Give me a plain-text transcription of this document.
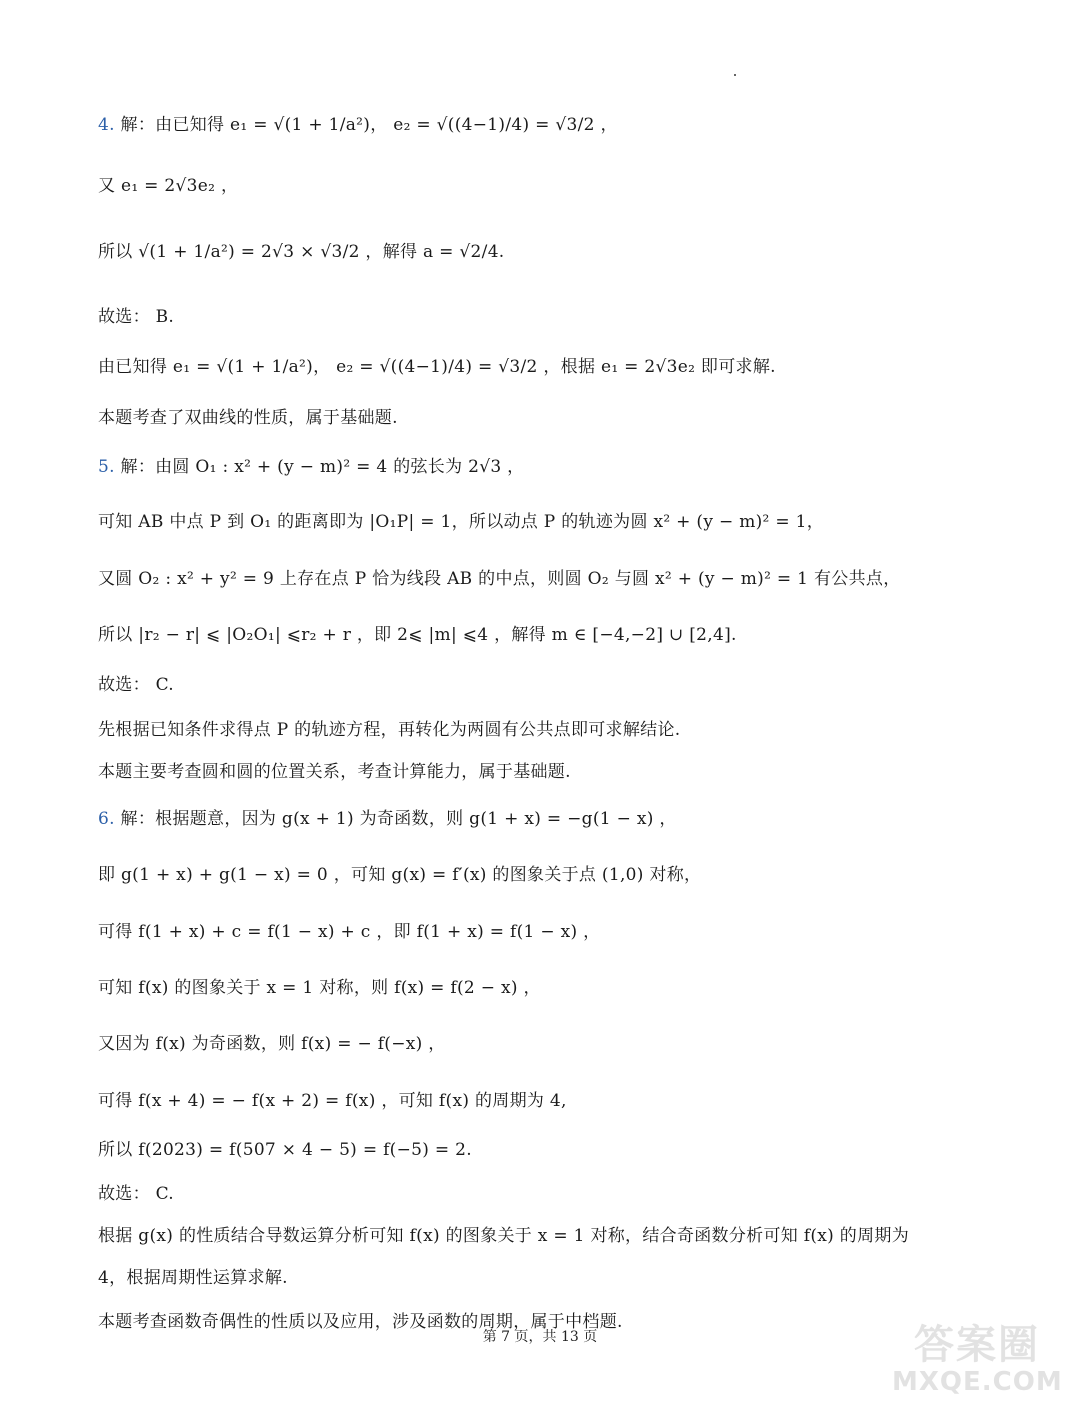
4. 解：由已知得 e₁ = √(1 + 1/a²)， e₂ = √((4−1)/4) = √3/2 ，
又 e₁ = 2√3e₂ ，
所以 √(1 + 1/a²) = 2√3 × √3/2 ，解得 a = √2/4.
故选： B.
由已知得 e₁ = √(1 + 1/a²)， e₂ = √((4−1)/4) = √3/2 ，根据 e₁ = 2√3e₂ 即可求解.
本题考查了双曲线的性质，属于基础题.
5. 解：由圆 O₁ : x² + (y − m)² = 4 的弦长为 2√3 ，
可知 AB 中点 P 到 O₁ 的距离即为 |O₁P| = 1，所以动点 P 的轨迹为圆 x² + (y − m)² = 1，
又圆 O₂ : x² + y² = 9 上存在点 P 恰为线段 AB 的中点，则圆 O₂ 与圆 x² + (y − m)² = 1 有公共点，
所以 |r₂ − r| ⩽ |O₂O₁| ⩽r₂ + r ，即 2⩽ |m| ⩽4 ，解得 m ∈ [−4,−2] ∪ [2,4].
故选： C.
先根据已知条件求得点 P 的轨迹方程，再转化为两圆有公共点即可求解结论.
本题主要考查圆和圆的位置关系，考查计算能力，属于基础题.
6. 解：根据题意，因为 g(x + 1) 为奇函数，则 g(1 + x) = −g(1 − x) ，
即 g(1 + x) + g(1 − x) = 0 ，可知 g(x) = f′(x) 的图象关于点 (1,0) 对称，
可得 f(1 + x) + c = f(1 − x) + c ，即 f(1 + x) = f(1 − x) ，
可知 f(x) 的图象关于 x = 1 对称，则 f(x) = f(2 − x) ，
又因为 f(x) 为奇函数，则 f(x) = − f(−x) ，
可得 f(x + 4) = − f(x + 2) = f(x) ，可知 f(x) 的周期为 4,
所以 f(2023) = f(507 × 4 − 5) = f(−5) = 2.
故选： C.
根据 g(x) 的性质结合导数运算分析可知 f(x) 的图象关于 x = 1 对称，结合奇函数分析可知 f(x) 的周期为
4，根据周期性运算求解.
本题考查函数奇偶性的性质以及应用，涉及函数的周期，属于中档题.
第 7 页，共 13 页	答案圈
MXQE.COM
